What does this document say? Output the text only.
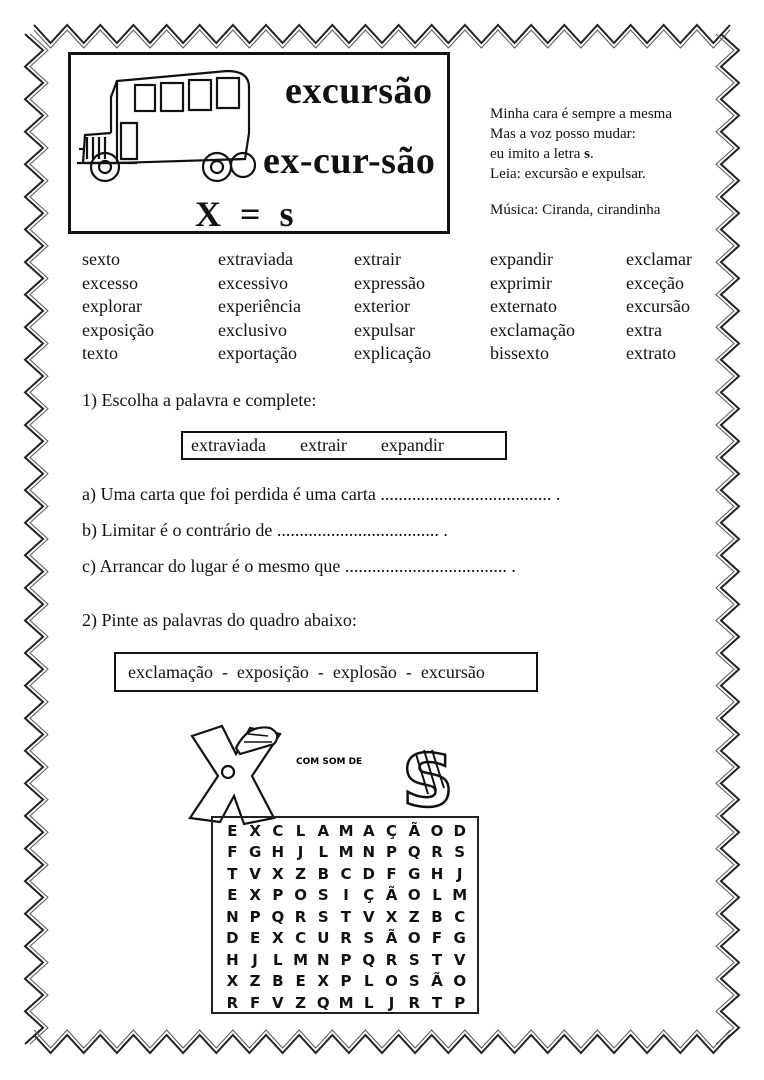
excursão
ex-cur-são
X = s
Minha cara é sempre a mesma
Mas a voz posso mudar:
eu imito a letra s.
Leia: excursão e expulsar.
Música: Ciranda, cirandinha
sexto	extraviada	extrair	expandir	exclamar
excesso	excessivo	expressão	exprimir	exceção
explorar	experiência	exterior	externato	excursão
exposição	exclusivo	expulsar	exclamação	extra
texto	exportação	explicação	bissexto	extrato
1) Escolha a palavra e complete:
extraviada extrair expandir
a) Uma carta que foi perdida é uma carta ...................................... .
b) Limitar é o contrário de .................................... .
c) Arrancar do lugar é o mesmo que .................................... .
2) Pinte as palavras do quadro abaixo:
exclamação  -  exposição  -  explosão  -  excursão
COM SOM DE S
E X C L A M A Ç Ã O D
F G H J	L M N P Q R S
T V X Z B C D F G H J
E X P O S I Ç Ã O L M
N P Q R S T V X Z B C
D E X C U R S Ã O F G
H J	L M N P Q R S T V
X Z B E X P L O S Ã O
R F V Z Q M L	J R T P
